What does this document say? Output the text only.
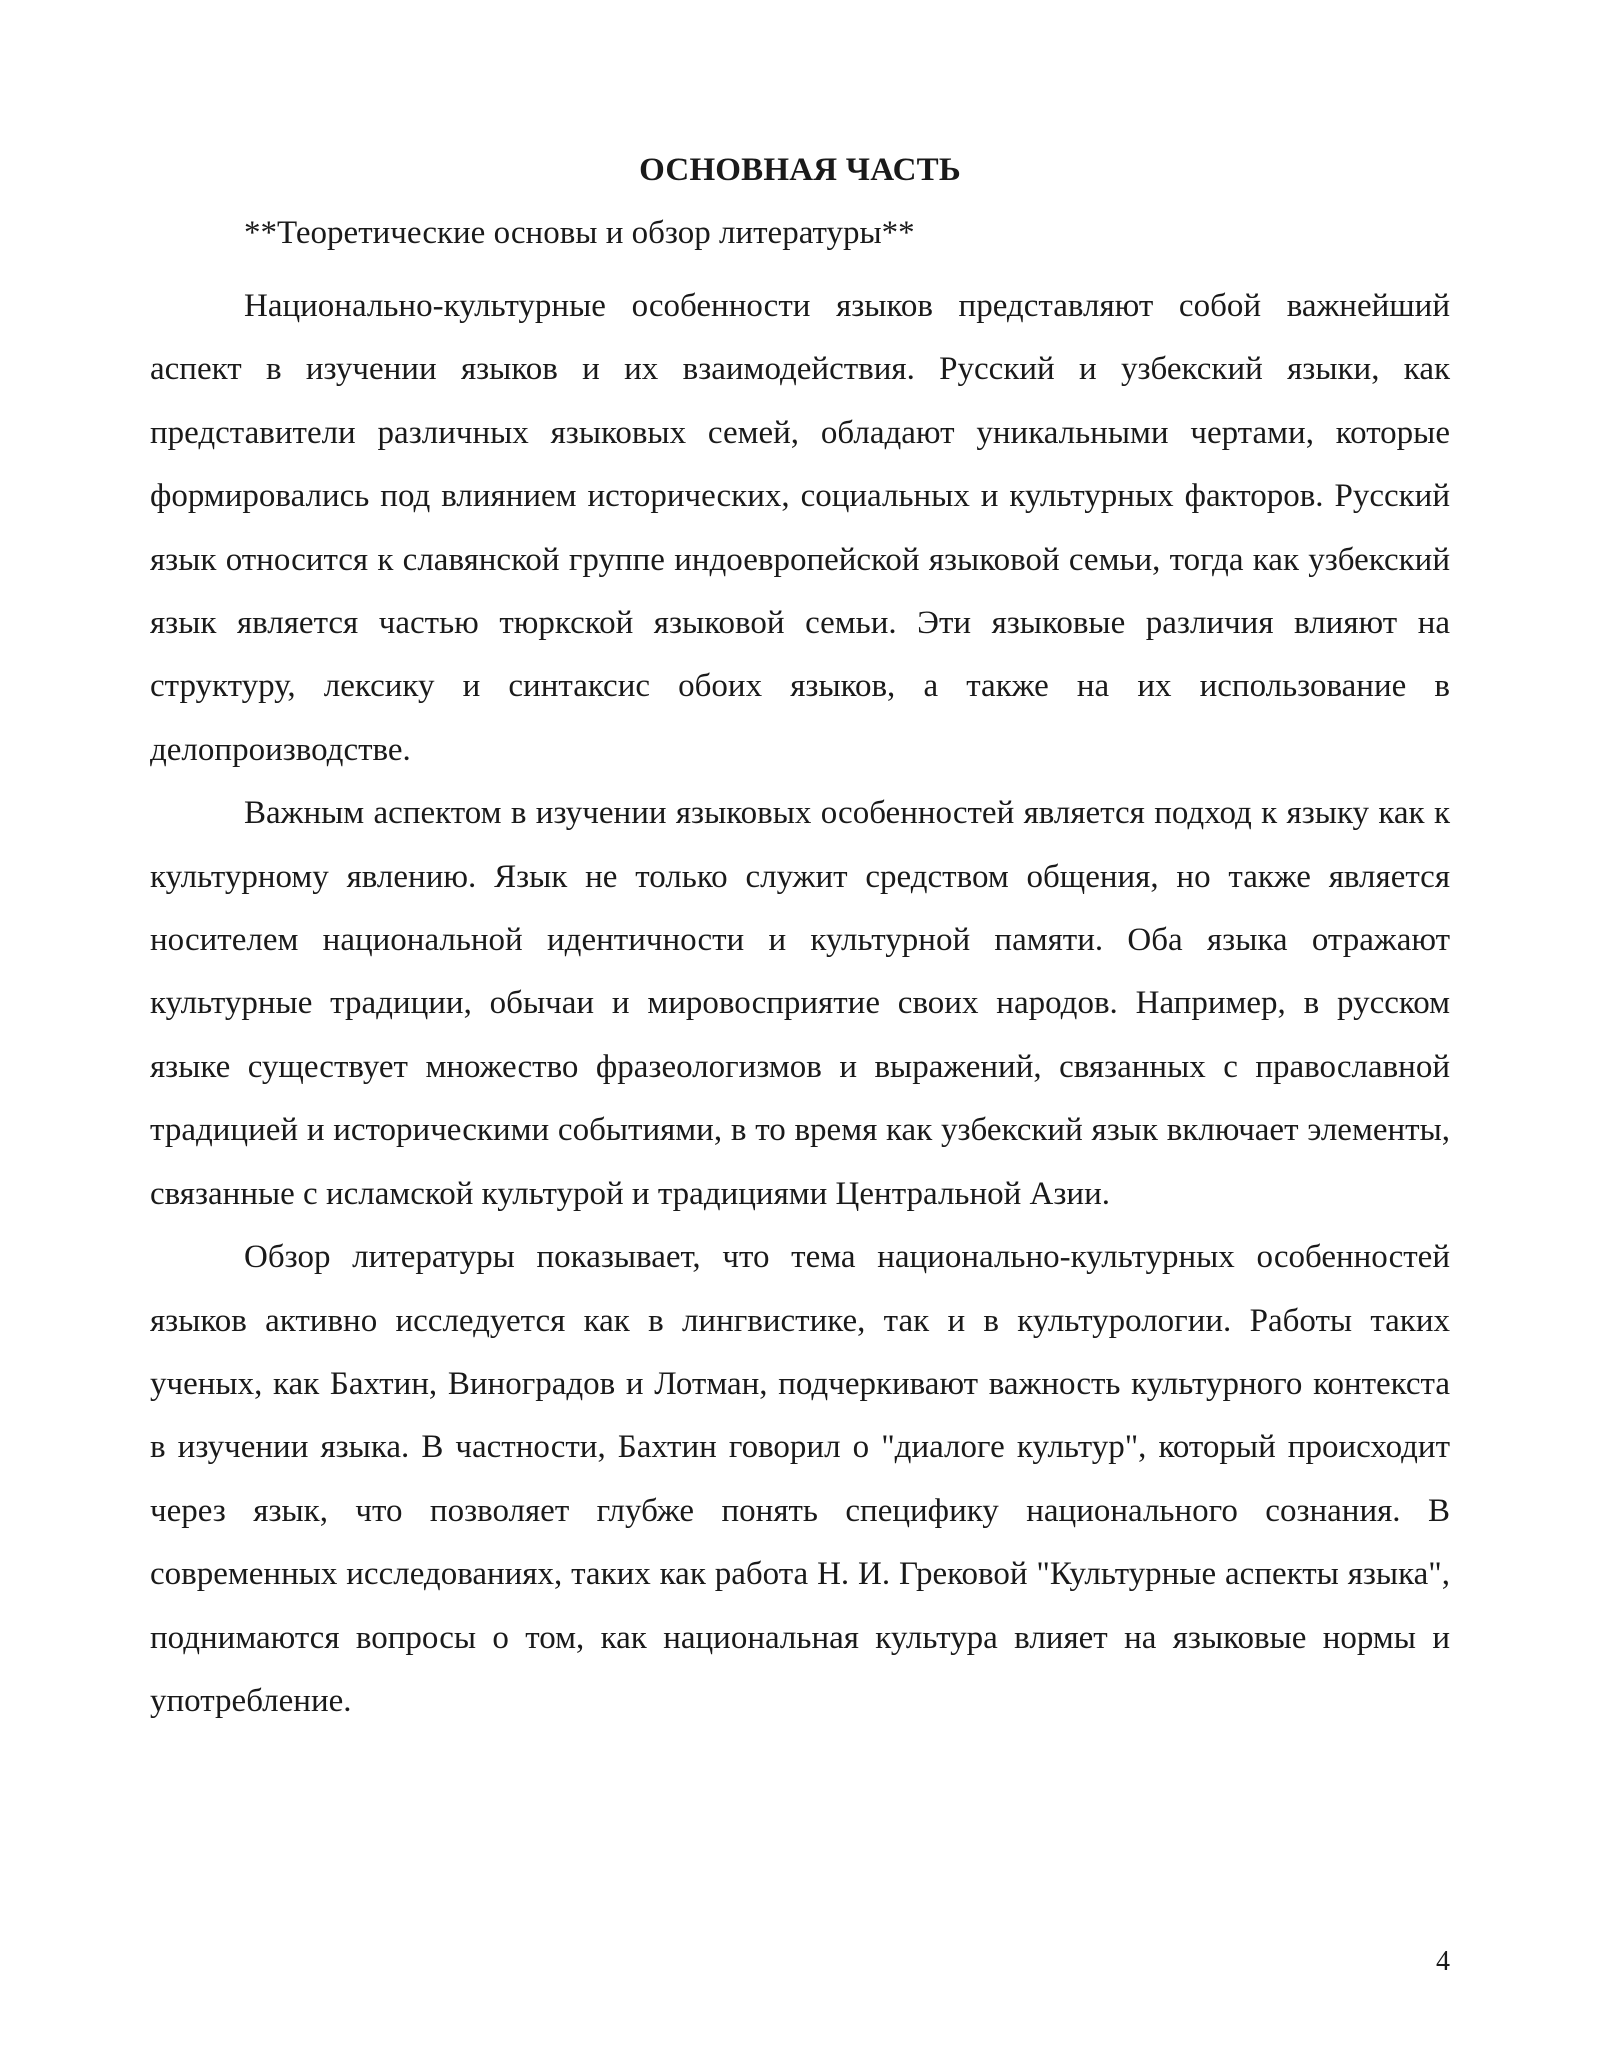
ОСНОВНАЯ ЧАСТЬ

**Теоретические основы и обзор литературы**

Национально-культурные особенности языков представляют собой важнейший аспект в изучении языков и их взаимодействия. Русский и узбекский языки, как представители различных языковых семей, обладают уникальными чертами, которые формировались под влиянием исторических, социальных и культурных факторов. Русский язык относится к славянской группе индоевропейской языковой семьи, тогда как узбекский язык является частью тюркской языковой семьи. Эти языковые различия влияют на структуру, лексику и синтаксис обоих языков, а также на их использование в делопроизводстве.

Важным аспектом в изучении языковых особенностей является подход к языку как к культурному явлению. Язык не только служит средством общения, но также является носителем национальной идентичности и культурной памяти. Оба языка отражают культурные традиции, обычаи и мировосприятие своих народов. Например, в русском языке существует множество фразеологизмов и выражений, связанных с православной традицией и историческими событиями, в то время как узбекский язык включает элементы, связанные с исламской культурой и традициями Центральной Азии.

Обзор литературы показывает, что тема национально-культурных особенностей языков активно исследуется как в лингвистике, так и в культурологии. Работы таких ученых, как Бахтин, Виноградов и Лотман, подчеркивают важность культурного контекста в изучении языка. В частности, Бахтин говорил о "диалоге культур", который происходит через язык, что позволяет глубже понять специфику национального сознания. В современных исследованиях, таких как работа Н. И. Грековой "Культурные аспекты языка", поднимаются вопросы о том, как национальная культура влияет на языковые нормы и употребление.

4
